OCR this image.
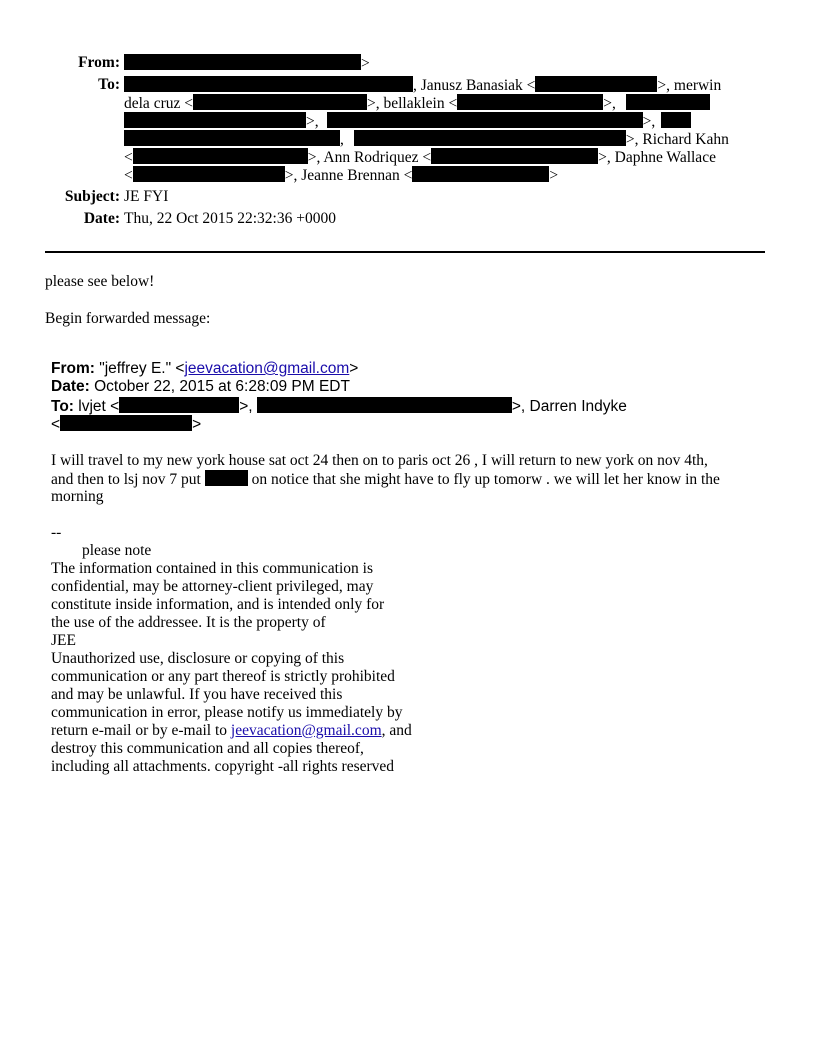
From:	>
To:	, Janusz Banasiak <	>, merwin
dela cruz <	>, bellaklein <	>,
>,	>,
,	>, Richard Kahn
<	>, Ann Rodriquez <	>, Daphne Wallace
<	>, Jeanne Brennan <	>
Subject: JE FYI
Date: Thu, 22 Oct 2015 22:32:36 +0000
please see below!
Begin forwarded message:
From: "jeffrey E." <jeevacation@gmail.com>
Date: October 22, 2015 at 6:28:09 PM EDT
To: lvjet <	>,	>, Darren Indyke
<	>
I will travel to my new york house sat oct 24 then on to paris oct 26 , I will return to new york on nov 4th,
and then to lsj nov 7 put	on notice that she might have to fly up tomorw . we will let her know in the
morning
--
please note
The information contained in this communication is
confidential, may be attorney-client privileged, may
constitute inside information, and is intended only for
the use of the addressee. It is the property of
JEE
Unauthorized use, disclosure or copying of this
communication or any part thereof is strictly prohibited
and may be unlawful. If you have received this
communication in error, please notify us immediately by
return e-mail or by e-mail to jeevacation@gmail.com, and
destroy this communication and all copies thereof,
including all attachments. copyright -all rights reserved
